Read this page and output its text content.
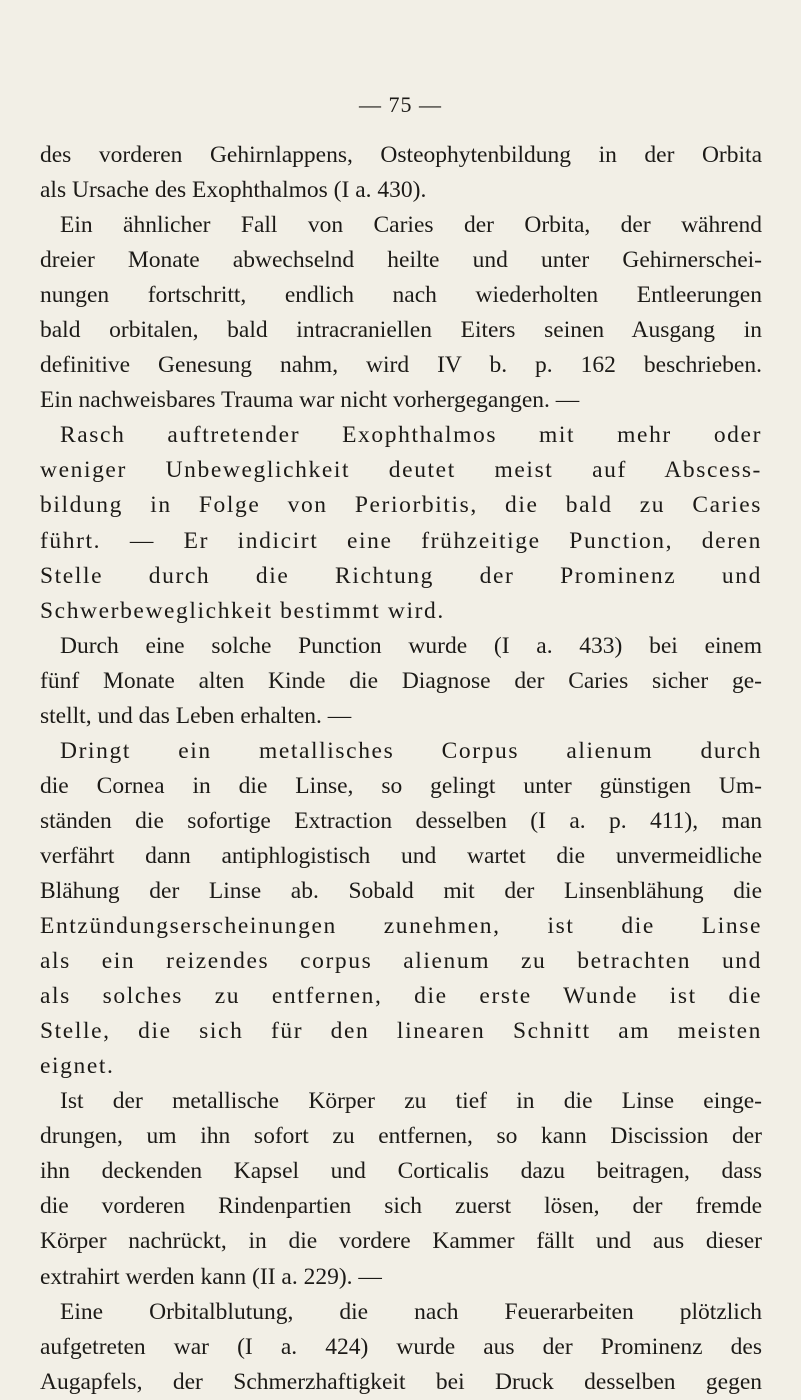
— 75 —
des vorderen Gehirnlappens, Osteophytenbildung in der Orbita
als Ursache des Exophthalmos (I a. 430).
Ein ähnlicher Fall von Caries der Orbita, der während
dreier Monate abwechselnd heilte und unter Gehirnerschei-
nungen fortschritt, endlich nach wiederholten Entleerungen
bald orbitalen, bald intracraniellen Eiters seinen Ausgang in
definitive Genesung nahm, wird IV b. p. 162 beschrieben.
Ein nachweisbares Trauma war nicht vorhergegangen. —
Rasch auftretender Exophthalmos mit mehr oder
weniger Unbeweglichkeit deutet meist auf Abscess-
bildung in Folge von Periorbitis, die bald zu Caries
führt. — Er indicirt eine frühzeitige Punction, deren
Stelle durch die Richtung der Prominenz und
Schwerbeweglichkeit bestimmt wird.
Durch eine solche Punction wurde (I a. 433) bei einem
fünf Monate alten Kinde die Diagnose der Caries sicher ge-
stellt, und das Leben erhalten. —
Dringt ein metallisches Corpus alienum durch
die Cornea in die Linse, so gelingt unter günstigen Um-
ständen die sofortige Extraction desselben (I a. p. 411), man
verfährt dann antiphlogistisch und wartet die unvermeidliche
Blähung der Linse ab. Sobald mit der Linsenblähung die
Entzündungserscheinungen zunehmen, ist die Linse
als ein reizendes corpus alienum zu betrachten und
als solches zu entfernen, die erste Wunde ist die
Stelle, die sich für den linearen Schnitt am meisten
eignet.
Ist der metallische Körper zu tief in die Linse einge-
drungen, um ihn sofort zu entfernen, so kann Discission der
ihn deckenden Kapsel und Corticalis dazu beitragen, dass
die vorderen Rindenpartien sich zuerst lösen, der fremde
Körper nachrückt, in die vordere Kammer fällt und aus dieser
extrahirt werden kann (II a. 229). —
Eine Orbitalblutung, die nach Feuerarbeiten plötzlich
aufgetreten war (I a. 424) wurde aus der Prominenz des
Augapfels, der Schmerzhaftigkeit bei Druck desselben gegen
